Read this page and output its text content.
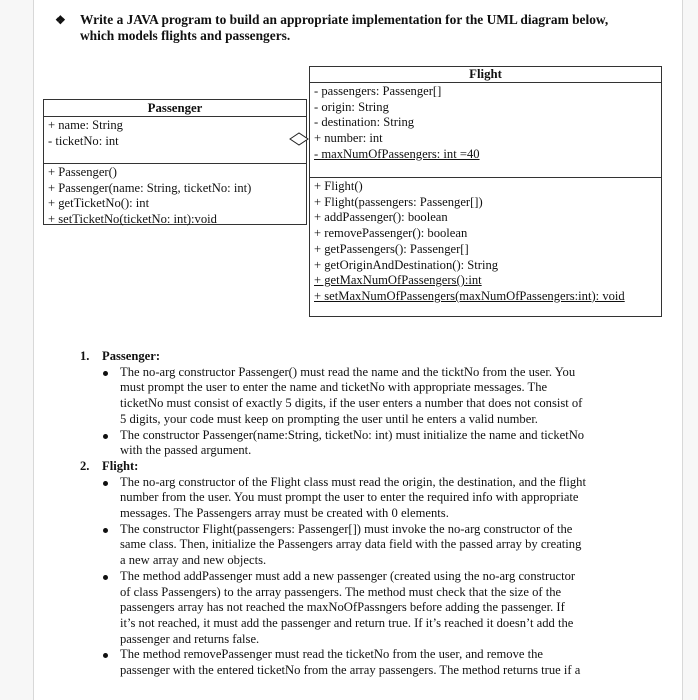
❖ Write a JAVA program to build an appropriate implementation for the UML diagram below,
which models flights and passengers.
Passenger
+ name: String
- ticketNo: int
+ Passenger()
+ Passenger(name: String, ticketNo: int)
+ getTicketNo(): int
+ setTicketNo(ticketNo: int):void
Flight
- passengers: Passenger[]
- origin: String
- destination: String
+ number: int
- maxNumOfPassengers: int =40
+ Flight()
+ Flight(passengers: Passenger[])
+ addPassenger(): boolean
+ removePassenger(): boolean
+ getPassengers(): Passenger[]
+ getOriginAndDestination(): String
+ getMaxNumOfPassengers():int
+ setMaxNumOfPassengers(maxNumOfPassengers:int): void
1. Passenger:
The no-arg constructor Passenger() must read the name and the ticktNo from the user. You
must prompt the user to enter the name and ticketNo with appropriate messages. The
ticketNo must consist of exactly 5 digits, if the user enters a number that does not consist of
5 digits, your code must keep on prompting the user until he enters a valid number.
The constructor Passenger(name:String, ticketNo: int) must initialize the name and ticketNo
with the passed argument.
2. Flight:
The no-arg constructor of the Flight class must read the origin, the destination, and the flight
number from the user. You must prompt the user to enter the required info with appropriate
messages. The Passengers array must be created with 0 elements.
The constructor Flight(passengers: Passenger[]) must invoke the no-arg constructor of the
same class. Then, initialize the Passengers array data field with the passed array by creating
a new array and new objects.
The method addPassenger must add a new passenger (created using the no-arg constructor
of class Passengers) to the array passengers. The method must check that the size of the
passengers array has not reached the maxNoOfPassngers before adding the passenger. If
it’s not reached, it must add the passenger and return true. If it’s reached it doesn’t add the
passenger and returns false.
The method removePassenger must read the ticketNo from the user, and remove the
passenger with the entered ticketNo from the array passengers. The method returns true if a
